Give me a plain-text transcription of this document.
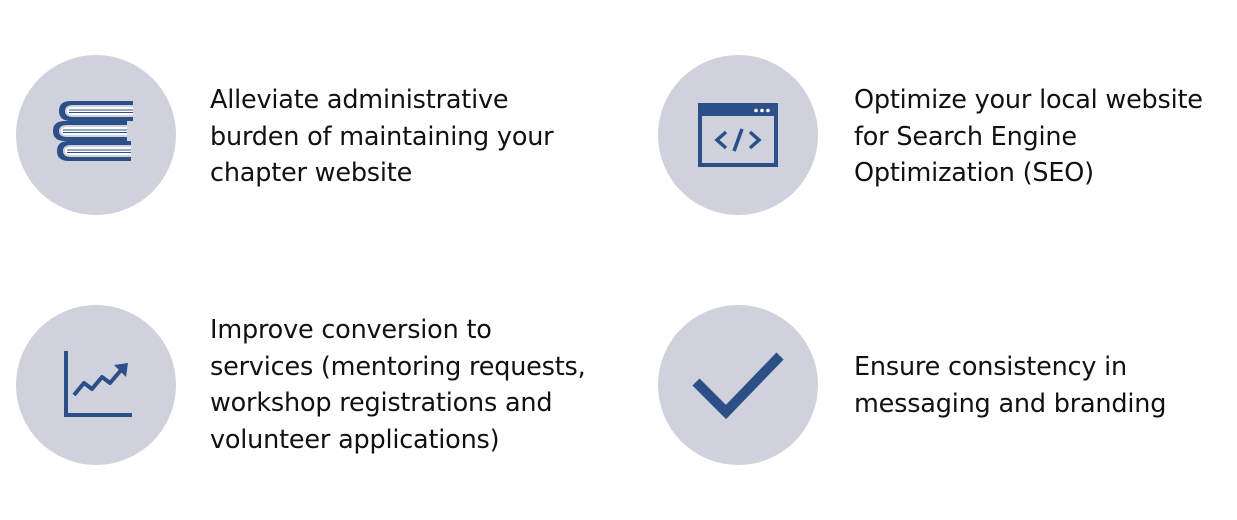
Alleviate administrative
burden of maintaining your
chapter website
Optimize your local website
for Search Engine
Optimization (SEO)
Improve conversion to
services (mentoring requests,
workshop registrations and
volunteer applications)
Ensure consistency in
messaging and branding
